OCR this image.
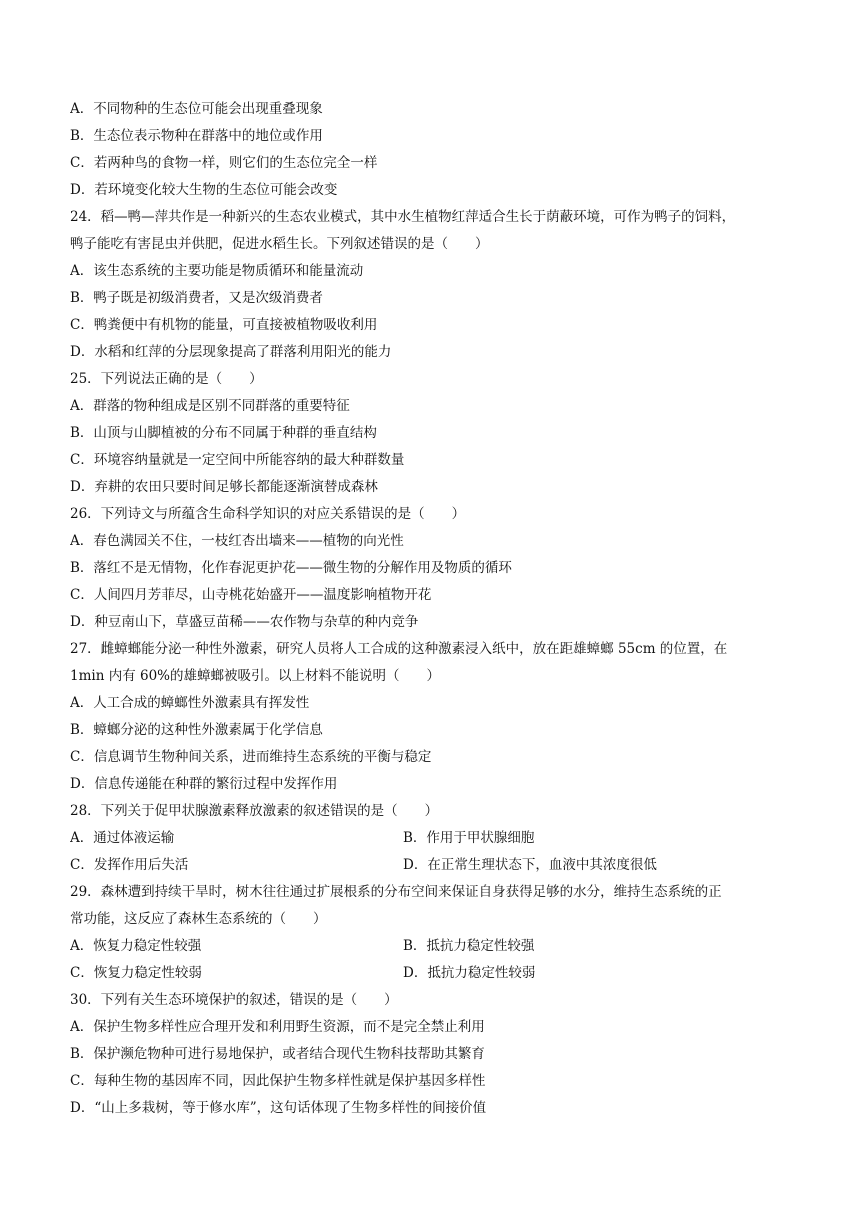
A．不同物种的生态位可能会出现重叠现象
B．生态位表示物种在群落中的地位或作用
C．若两种鸟的食物一样，则它们的生态位完全一样
D．若环境变化较大生物的生态位可能会改变
24．稻—鸭—萍共作是一种新兴的生态农业模式，其中水生植物红萍适合生长于荫蔽环境，可作为鸭子的饲料，
鸭子能吃有害昆虫并供肥，促进水稻生长。下列叙述错误的是（　　）
A．该生态系统的主要功能是物质循环和能量流动
B．鸭子既是初级消费者，又是次级消费者
C．鸭粪便中有机物的能量，可直接被植物吸收利用
D．水稻和红萍的分层现象提高了群落利用阳光的能力
25．下列说法正确的是（　　）
A．群落的物种组成是区别不同群落的重要特征
B．山顶与山脚植被的分布不同属于种群的垂直结构
C．环境容纳量就是一定空间中所能容纳的最大种群数量
D．弃耕的农田只要时间足够长都能逐渐演替成森林
26．下列诗文与所蕴含生命科学知识的对应关系错误的是（　　）
A．春色满园关不住，一枝红杏出墙来——植物的向光性
B．落红不是无情物，化作春泥更护花——微生物的分解作用及物质的循环
C．人间四月芳菲尽，山寺桃花始盛开——温度影响植物开花
D．种豆南山下，草盛豆苗稀——农作物与杂草的种内竞争
27．雌蟑螂能分泌一种性外激素，研究人员将人工合成的这种激素浸入纸中，放在距雄蟑螂 55cm 的位置，在
1min 内有 60%的雄蟑螂被吸引。以上材料不能说明（　　）
A．人工合成的蟑螂性外激素具有挥发性
B．蟑螂分泌的这种性外激素属于化学信息
C．信息调节生物种间关系，进而维持生态系统的平衡与稳定
D．信息传递能在种群的繁衍过程中发挥作用
28．下列关于促甲状腺激素释放激素的叙述错误的是（　　）
A．通过体液运输	B．作用于甲状腺细胞
C．发挥作用后失活	D．在正常生理状态下，血液中其浓度很低
29．森林遭到持续干旱时，树木往往通过扩展根系的分布空间来保证自身获得足够的水分，维持生态系统的正
常功能，这反应了森林生态系统的（　　）
A．恢复力稳定性较强	B．抵抗力稳定性较强
C．恢复力稳定性较弱	D．抵抗力稳定性较弱
30．下列有关生态环境保护的叙述，错误的是（　　）
A．保护生物多样性应合理开发和利用野生资源，而不是完全禁止利用
B．保护濒危物种可进行易地保护，或者结合现代生物科技帮助其繁育
C．每种生物的基因库不同，因此保护生物多样性就是保护基因多样性
D．“山上多栽树，等于修水库”，这句话体现了生物多样性的间接价值
